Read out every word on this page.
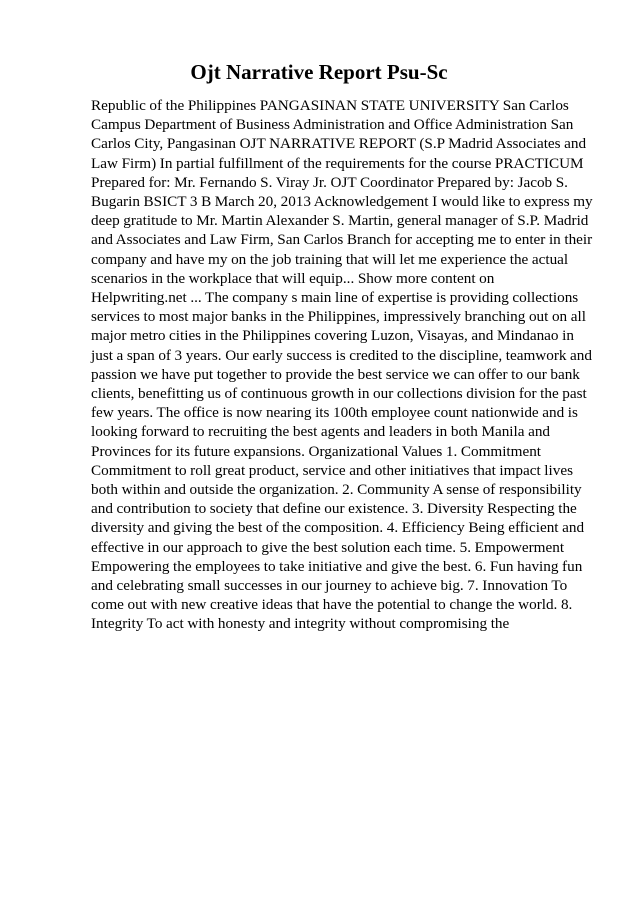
Ojt Narrative Report Psu-Sc

Republic of the Philippines PANGASINAN STATE UNIVERSITY San Carlos Campus Department of Business Administration and Office Administration San Carlos City, Pangasinan OJT NARRATIVE REPORT (S.P Madrid Associates and Law Firm) In partial fulfillment of the requirements for the course PRACTICUM Prepared for: Mr. Fernando S. Viray Jr. OJT Coordinator Prepared by: Jacob S. Bugarin BSICT 3 B March 20, 2013 Acknowledgement I would like to express my deep gratitude to Mr. Martin Alexander S. Martin, general manager of S.P. Madrid and Associates and Law Firm, San Carlos Branch for accepting me to enter in their company and have my on the job training that will let me experience the actual scenarios in the workplace that will equip... Show more content on Helpwriting.net ... The company s main line of expertise is providing collections services to most major banks in the Philippines, impressively branching out on all major metro cities in the Philippines covering Luzon, Visayas, and Mindanao in just a span of 3 years. Our early success is credited to the discipline, teamwork and passion we have put together to provide the best service we can offer to our bank clients, benefitting us of continuous growth in our collections division for the past few years. The office is now nearing its 100th employee count nationwide and is looking forward to recruiting the best agents and leaders in both Manila and Provinces for its future expansions. Organizational Values 1. Commitment Commitment to roll great product, service and other initiatives that impact lives both within and outside the organization. 2. Community A sense of responsibility and contribution to society that define our existence. 3. Diversity Respecting the diversity and giving the best of the composition. 4. Efficiency Being efficient and effective in our approach to give the best solution each time. 5. Empowerment Empowering the employees to take initiative and give the best. 6. Fun having fun and celebrating small successes in our journey to achieve big. 7. Innovation To come out with new creative ideas that have the potential to change the world. 8. Integrity To act with honesty and integrity without compromising the
